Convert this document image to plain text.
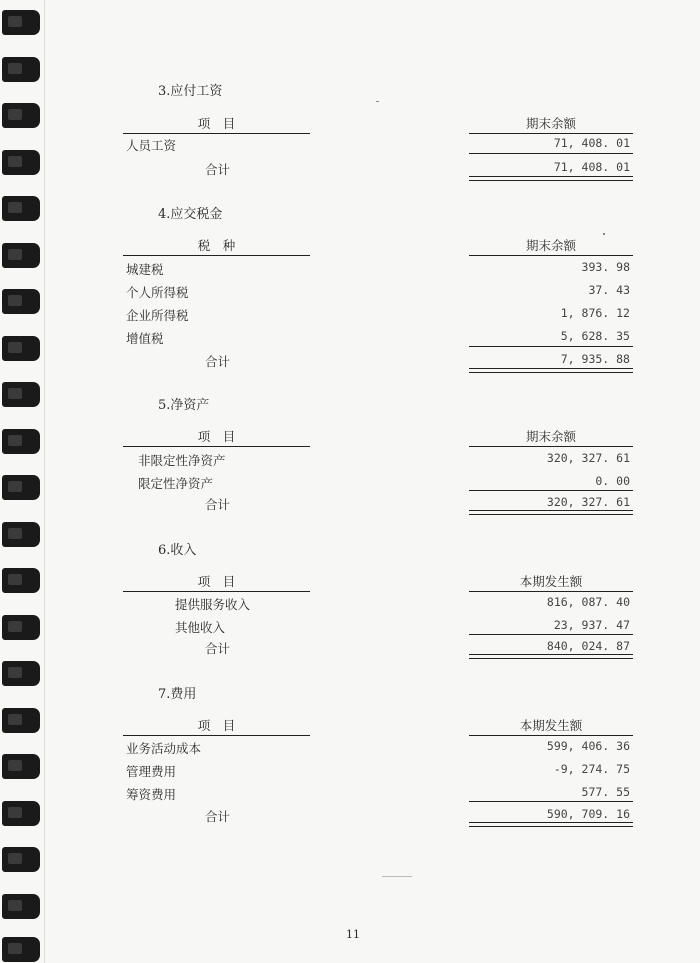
3.应付工资
项　目	期末余额
人员工资	71, 408. 01
合计	71, 408. 01
4.应交税金
税　种	期末余额
城建税	393. 98
个人所得税	37. 43
企业所得税	1, 876. 12
增值税	5, 628. 35
合计	7, 935. 88
5.净资产
项　目	期末余额
非限定性净资产	320, 327. 61
限定性净资产	0. 00
合计	320, 327. 61
6.收入
项　目	本期发生额
提供服务收入	816, 087. 40
其他收入	23, 937. 47
合计	840, 024. 87
7.费用
项　目	本期发生额
业务活动成本	599, 406. 36
管理费用	-9, 274. 75
筹资费用	577. 55
合计	590, 709. 16
11
